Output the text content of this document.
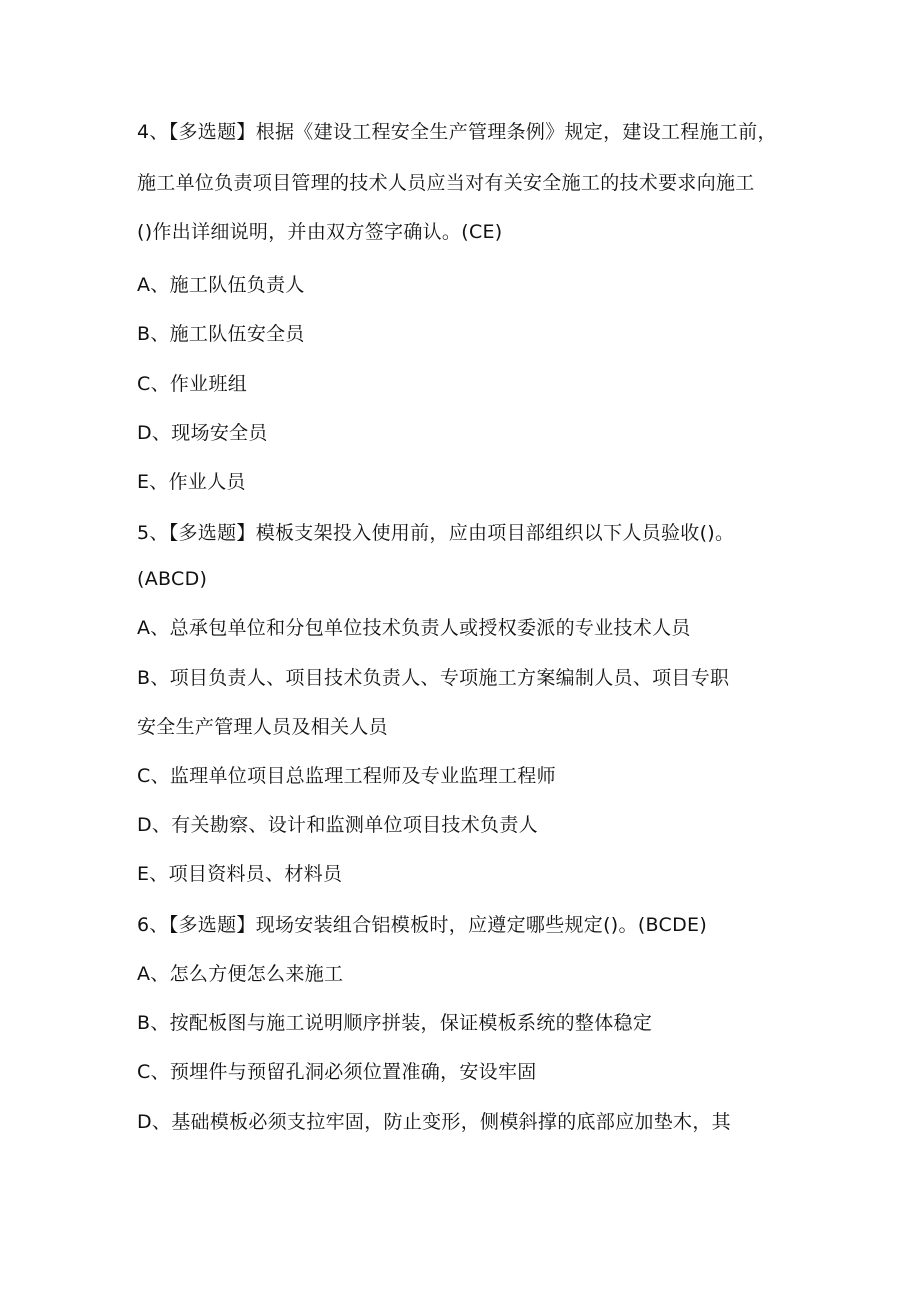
4、【多选题】根据《建设工程安全生产管理条例》规定，建设工程施工前，
施工单位负责项目管理的技术人员应当对有关安全施工的技术要求向施工
()作出详细说明，并由双方签字确认。(CE)
A、施工队伍负责人
B、施工队伍安全员
C、作业班组
D、现场安全员
E、作业人员
5、【多选题】模板支架投入使用前，应由项目部组织以下人员验收()。
(ABCD)
A、总承包单位和分包单位技术负责人或授权委派的专业技术人员
B、项目负责人、项目技术负责人、专项施工方案编制人员、项目专职
安全生产管理人员及相关人员
C、监理单位项目总监理工程师及专业监理工程师
D、有关勘察、设计和监测单位项目技术负责人
E、项目资料员、材料员
6、【多选题】现场安装组合铝模板时，应遵定哪些规定()。(BCDE)
A、怎么方便怎么来施工
B、按配板图与施工说明顺序拼装，保证模板系统的整体稳定
C、预埋件与预留孔洞必须位置准确，安设牢固
D、基础模板必须支拉牢固，防止变形，侧模斜撑的底部应加垫木，其
